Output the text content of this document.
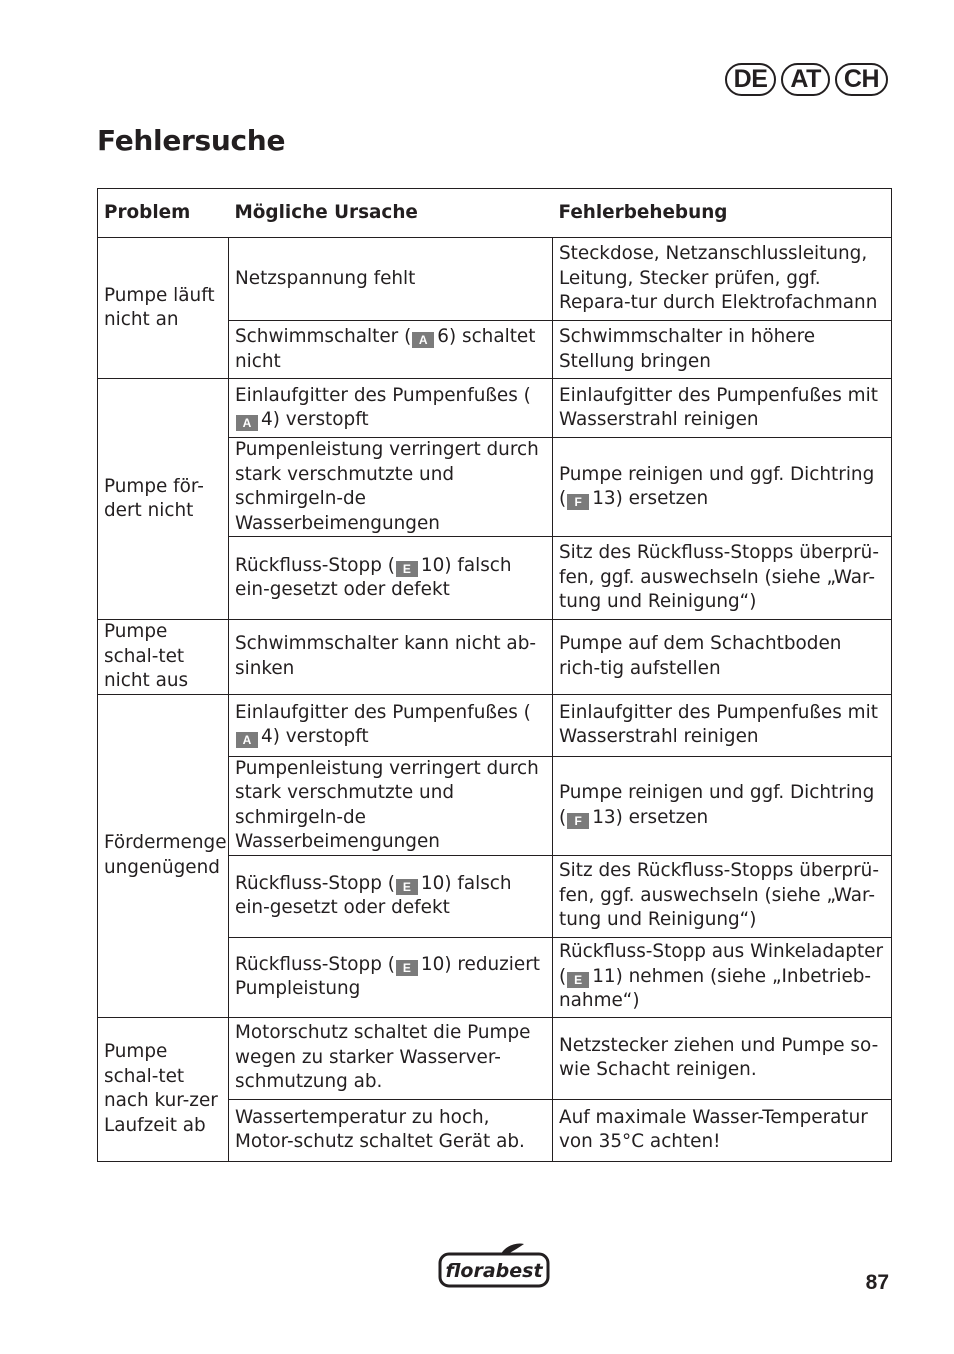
DE AT CH
Fehlersuche
Problem	Mögliche Ursache	Fehlerbehebung
Pumpe läuft nicht an	Netzspannung fehlt	Steckdose, Netzanschlussleitung, Leitung, Stecker prüfen, ggf. Repara-tur durch Elektrofachmann
	Schwimmschalter ( A 6) schaltet nicht	Schwimmschalter in höhere Stellung bringen
Pumpe för-dert nicht	Einlaufgitter des Pumpenfußes (A 4) verstopft	Einlaufgitter des Pumpenfußes mit Wasserstrahl reinigen
	Pumpenleistung verringert durch stark verschmutzte und schmirgeln-de Wasserbeimengungen	Pumpe reinigen und ggf. Dichtring ( F 13) ersetzen
	Rückfluss-Stopp ( E 10) falsch ein-gesetzt oder defekt	Sitz des Rückfluss-Stopps überprü-fen, ggf. auswechseln (siehe „War-tung und Reinigung“)
Pumpe schal-tet nicht aus	Schwimmschalter kann nicht ab-sinken	Pumpe auf dem Schachtboden rich-tig aufstellen
Fördermenge ungenügend	Einlaufgitter des Pumpenfußes (A 4) verstopft	Einlaufgitter des Pumpenfußes mit Wasserstrahl reinigen
	Pumpenleistung verringert durch stark verschmutzte und schmirgeln-de Wasserbeimengungen	Pumpe reinigen und ggf. Dichtring ( F 13) ersetzen
	Rückfluss-Stopp ( E 10) falsch ein-gesetzt oder defekt	Sitz des Rückfluss-Stopps überprü-fen, ggf. auswechseln (siehe „War-tung und Reinigung“)
	Rückfluss-Stopp ( E 10) reduziert Pumpleistung	Rückfluss-Stopp aus Winkeladapter ( E 11) nehmen (siehe „Inbetrieb-nahme“)
Pumpe schal-tet nach kur-zer Laufzeit ab	Motorschutz schaltet die Pumpe wegen zu starker Wasserver-schmutzung ab.	Netzstecker ziehen und Pumpe so-wie Schacht reinigen.
	Wassertemperatur zu hoch, Motor-schutz schaltet Gerät ab.	Auf maximale Wasser-Temperatur von 35°C achten!
florabest	87
